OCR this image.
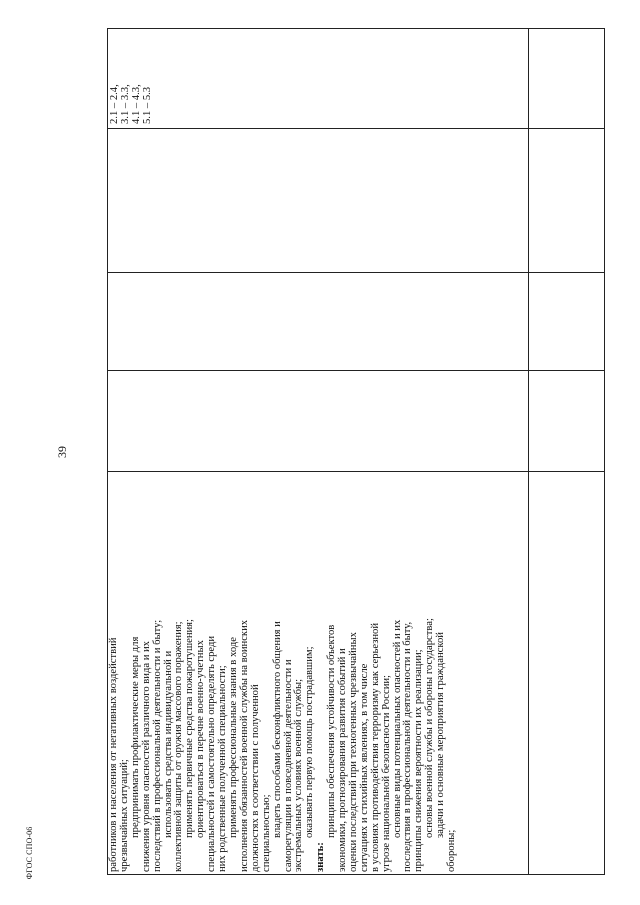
39
ФГОС СПО-06	работников и населения от негативных воздействий чрезвычайных ситуаций; предпринимать профилактические меры для снижения уровня опасностей различного вида и их последствий в профессиональной деятельности и быту; использовать средства индивидуальной и коллективной защиты от оружия массового поражения; применять первичные средства пожаротушения; ориентироваться в перечне военно-учетных специальностей и самостоятельно определять среди них родственные полученной специальности; применять профессиональные знания в ходе исполнения обязанностей военной службы на воинских должностях в соответствии с полученной специальностью; владеть способами бесконфликтного общения и саморегуляции в повседневной деятельности и экстремальных условиях военной службы; оказывать первую помощь пострадавшим;
знать:
принципы обеспечения устойчивости объектов экономики, прогнозирования развития событий и оценки последствий при техногенных чрезвычайных ситуациях и стихийных явлениях, в том числе в условиях противодействия терроризму как серьезной угрозе национальной безопасности России; основные виды потенциальных опасностей и их последствия в профессиональной деятельности и быту, принципы снижения вероятности их реализации; основы военной службы и обороны государства; задачи и основные мероприятия гражданской
обороны;
2.1 – 2.4, 3.1 – 3.3, 4.1 – 4.3, 5.1 – 5.3
